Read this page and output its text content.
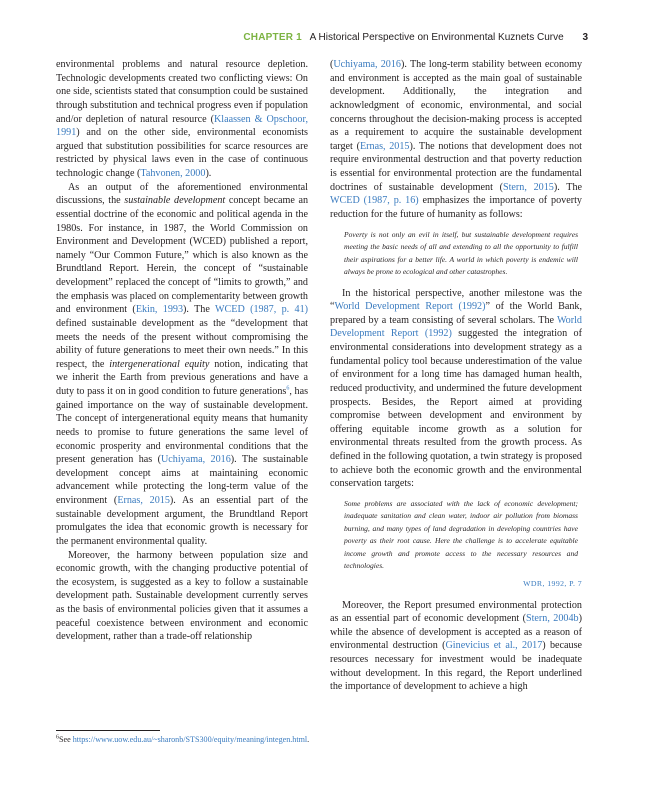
CHAPTER 1 A Historical Perspective on Environmental Kuznets Curve 3

environmental problems and natural resource depletion. Technologic developments created two conflicting views: On one side, scientists stated that consumption could be sustained through substitution and technical progress even if population and/or depletion of natural resource (Klaassen & Opschoor, 1991) and on the other side, environmental economists argued that substitution possibilities for scarce resources are restricted by physical laws even in the case of continuous technologic change (Tahvonen, 2000).

As an output of the aforementioned environmental discussions, the sustainable development concept became an essential doctrine of the economic and political agenda in the 1980s. For instance, in 1987, the World Commission on Environment and Development (WCED) published a report, namely “Our Common Future,” which is also known as the Brundtland Report. Herein, the concept of “sustainable development” replaced the concept of “limits to growth,” and the emphasis was placed on complementarity between growth and environment (Ekin, 1993). The WCED (1987, p. 41) defined sustainable development as the “development that meets the needs of the present without compromising the ability of future generations to meet their own needs.” In this respect, the intergenerational equity notion, indicating that we inherit the Earth from previous generations and have a duty to pass it on in good condition to future generations$^6$, has gained importance on the way of sustainable development. The concept of intergenerational equity means that humanity needs to promise to future generations the same level of economic prosperity and environmental conditions that the present generation has (Uchiyama, 2016). The sustainable development concept aims at maintaining economic advancement while protecting the long-term value of the environment (Ernas, 2015). As an essential part of the sustainable development argument, the Brundtland Report promulgates the idea that economic growth is necessary for the permanent environmental quality.

Moreover, the harmony between population size and economic growth, with the changing productive potential of the ecosystem, is suggested as a key to follow a sustainable development path. Sustainable development currently serves as the basis of environmental policies given that it assumes a peaceful coexistence between environment and economic development, rather than a trade-off relationship

$^6$See https://www.uow.edu.au/~sharonb/STS300/equity/meaning/integen.html.

(Uchiyama, 2016). The long-term stability between economy and environment is accepted as the main goal of sustainable development. Additionally, the integration and acknowledgment of economic, environmental, and social concerns throughout the decision-making process is accepted as a requirement to acquire the sustainable development target (Ernas, 2015). The notions that development does not require environmental destruction and that poverty reduction is essential for environmental protection are the fundamental doctrines of sustainable development (Stern, 2015). The WCED (1987, p. 16) emphasizes the importance of poverty reduction for the future of humanity as follows:

Poverty is not only an evil in itself, but sustainable development requires meeting the basic needs of all and extending to all the opportunity to fulfill their aspirations for a better life. A world in which poverty is endemic will always be prone to ecological and other catastrophes.

In the historical perspective, another milestone was the “World Development Report (1992)” of the World Bank, prepared by a team consisting of several scholars. The World Development Report (1992) suggested the integration of environmental considerations into development strategy as a fundamental policy tool because underestimation of the value of environment for a long time has damaged human health, reduced productivity, and undermined the future development prospects. Besides, the Report aimed at providing compromise between development and environment by offering equitable income growth as a solution for environmental threats resulted from the growth process. As defined in the following quotation, a twin strategy is proposed to achieve both the economic growth and the environmental conservation targets:

Some problems are associated with the lack of economic development; inadequate sanitation and clean water, indoor air pollution from biomass burning, and many types of land degradation in developing countries have poverty as their root cause. Here the challenge is to accelerate equitable income growth and promote access to the necessary resources and technologies.

WDR, 1992, P. 7

Moreover, the Report presumed environmental protection as an essential part of economic development (Stern, 2004b) while the absence of development is accepted as a reason of environmental destruction (Ginevicius et al., 2017) because resources necessary for investment would be inadequate without development. In this regard, the Report underlined the importance of development to achieve a high
